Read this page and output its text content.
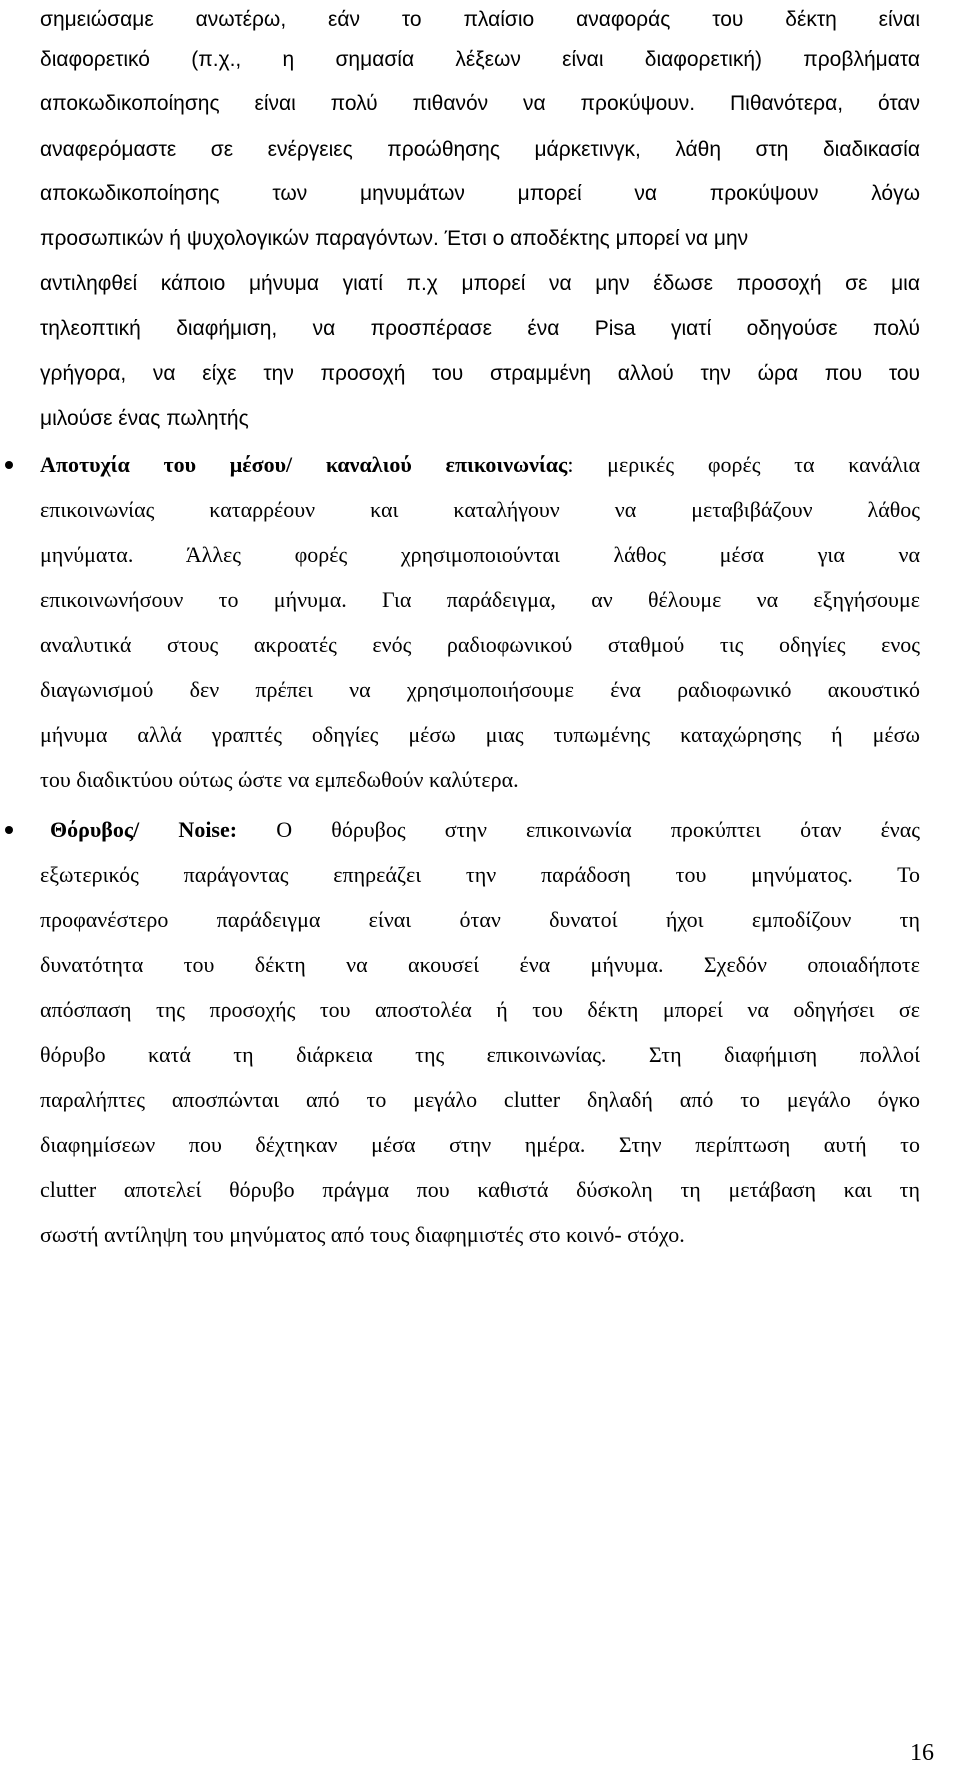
σημειώσαμε ανωτέρω, εάν το πλαίσιο αναφοράς του δέκτη είναι
διαφορετικό (π.χ., η σημασία λέξεων είναι διαφορετική) προβλήματα
αποκωδικοποίησης είναι πολύ πιθανόν να προκύψουν. Πιθανότερα, όταν
αναφερόμαστε σε ενέργειες προώθησης μάρκετινγκ, λάθη στη διαδικασία
αποκωδικοποίησης των μηνυμάτων μπορεί να προκύψουν λόγω
προσωπικών ή ψυχολογικών παραγόντων. Έτσι ο αποδέκτης μπορεί να μην
αντιληφθεί κάποιο μήνυμα γιατί π.χ μπορεί να μην έδωσε προσοχή σε μια
τηλεοπτική διαφήμιση, να προσπέρασε ένα Pisa γιατί οδηγούσε πολύ
γρήγορα, να είχε την προσοχή του στραμμένη αλλού την ώρα που του
μιλούσε ένας πωλητής
Αποτυχία του μέσου/ καναλιού επικοινωνίας: μερικές φορές τα κανάλια
επικοινωνίας καταρρέουν και καταλήγουν να μεταβιβάζουν λάθος
μηνύματα. Άλλες φορές χρησιμοποιούνται λάθος μέσα για να
επικοινωνήσουν το μήνυμα. Για παράδειγμα, αν θέλουμε να εξηγήσουμε
αναλυτικά στους ακροατές ενός ραδιοφωνικού σταθμού τις οδηγίες ενος
διαγωνισμού δεν πρέπει να χρησιμοποιήσουμε ένα ραδιοφωνικό ακουστικό
μήνυμα αλλά γραπτές οδηγίες μέσω μιας τυπωμένης καταχώρησης ή μέσω
του διαδικτύου ούτως ώστε να εμπεδωθούν καλύτερα.
Θόρυβος/ Noise: Ο θόρυβος στην επικοινωνία προκύπτει όταν ένας
εξωτερικός παράγοντας επηρεάζει την παράδοση του μηνύματος. Το
προφανέστερο παράδειγμα είναι όταν δυνατοί ήχοι εμποδίζουν τη
δυνατότητα του δέκτη να ακουσεί ένα μήνυμα. Σχεδόν οποιαδήποτε
απόσπαση της προσοχής του αποστολέα ή του δέκτη μπορεί να οδηγήσει σε
θόρυβο κατά τη διάρκεια της επικοινωνίας. Στη διαφήμιση πολλοί
παραλήπτες αποσπώνται από το μεγάλο clutter δηλαδή από το μεγάλο όγκο
διαφημίσεων που δέχτηκαν μέσα στην ημέρα. Στην περίπτωση αυτή το
clutter αποτελεί θόρυβο πράγμα που καθιστά δύσκολη τη μετάβαση και τη
σωστή αντίληψη του μηνύματος από τους διαφημιστές στο κοινό- στόχο.
16
